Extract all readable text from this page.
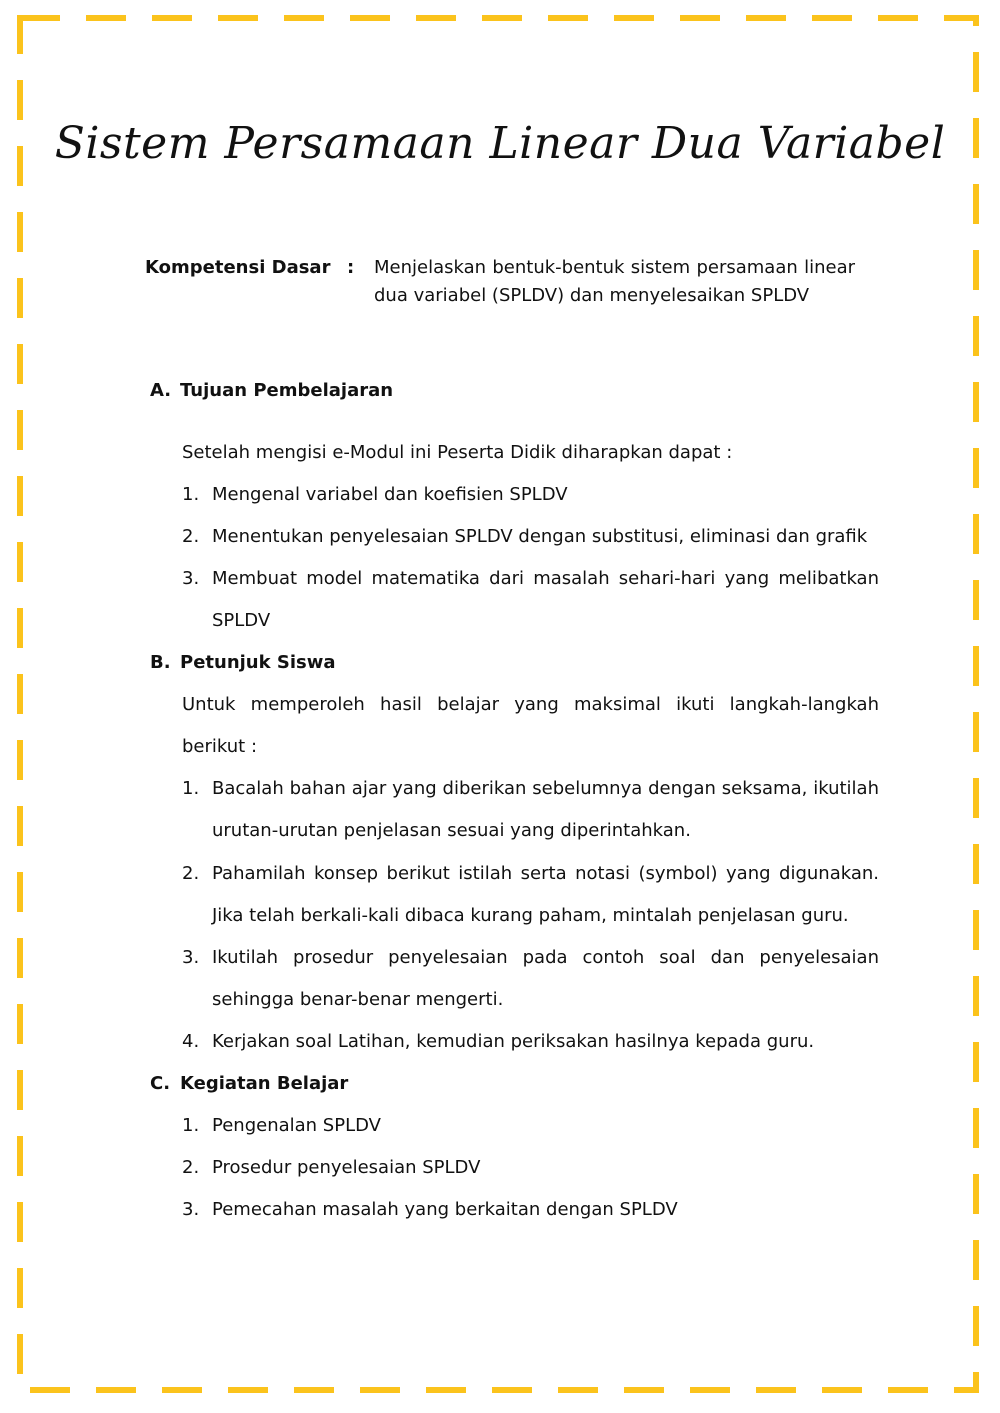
Sistem Persamaan Linear Dua Variabel
Kompetensi Dasar : Menjelaskan bentuk-bentuk sistem persamaan linear dua variabel (SPLDV) dan menyelesaikan SPLDV
A. Tujuan Pembelajaran
Setelah mengisi e-Modul ini Peserta Didik diharapkan dapat :
1. Mengenal variabel dan koefisien SPLDV
2. Menentukan penyelesaian SPLDV dengan substitusi, eliminasi dan grafik
3. Membuat model matematika dari masalah sehari-hari yang melibatkan SPLDV
B. Petunjuk Siswa
Untuk memperoleh hasil belajar yang maksimal ikuti langkah-langkah berikut :
1. Bacalah bahan ajar yang diberikan sebelumnya dengan seksama, ikutilah urutan-urutan penjelasan sesuai yang diperintahkan.
2. Pahamilah konsep berikut istilah serta notasi (symbol) yang digunakan. Jika telah berkali-kali dibaca kurang paham, mintalah penjelasan guru.
3. Ikutilah prosedur penyelesaian pada contoh soal dan penyelesaian sehingga benar-benar mengerti.
4. Kerjakan soal Latihan, kemudian periksakan hasilnya kepada guru.
C. Kegiatan Belajar
1. Pengenalan SPLDV
2. Prosedur penyelesaian SPLDV
3. Pemecahan masalah yang berkaitan dengan SPLDV
